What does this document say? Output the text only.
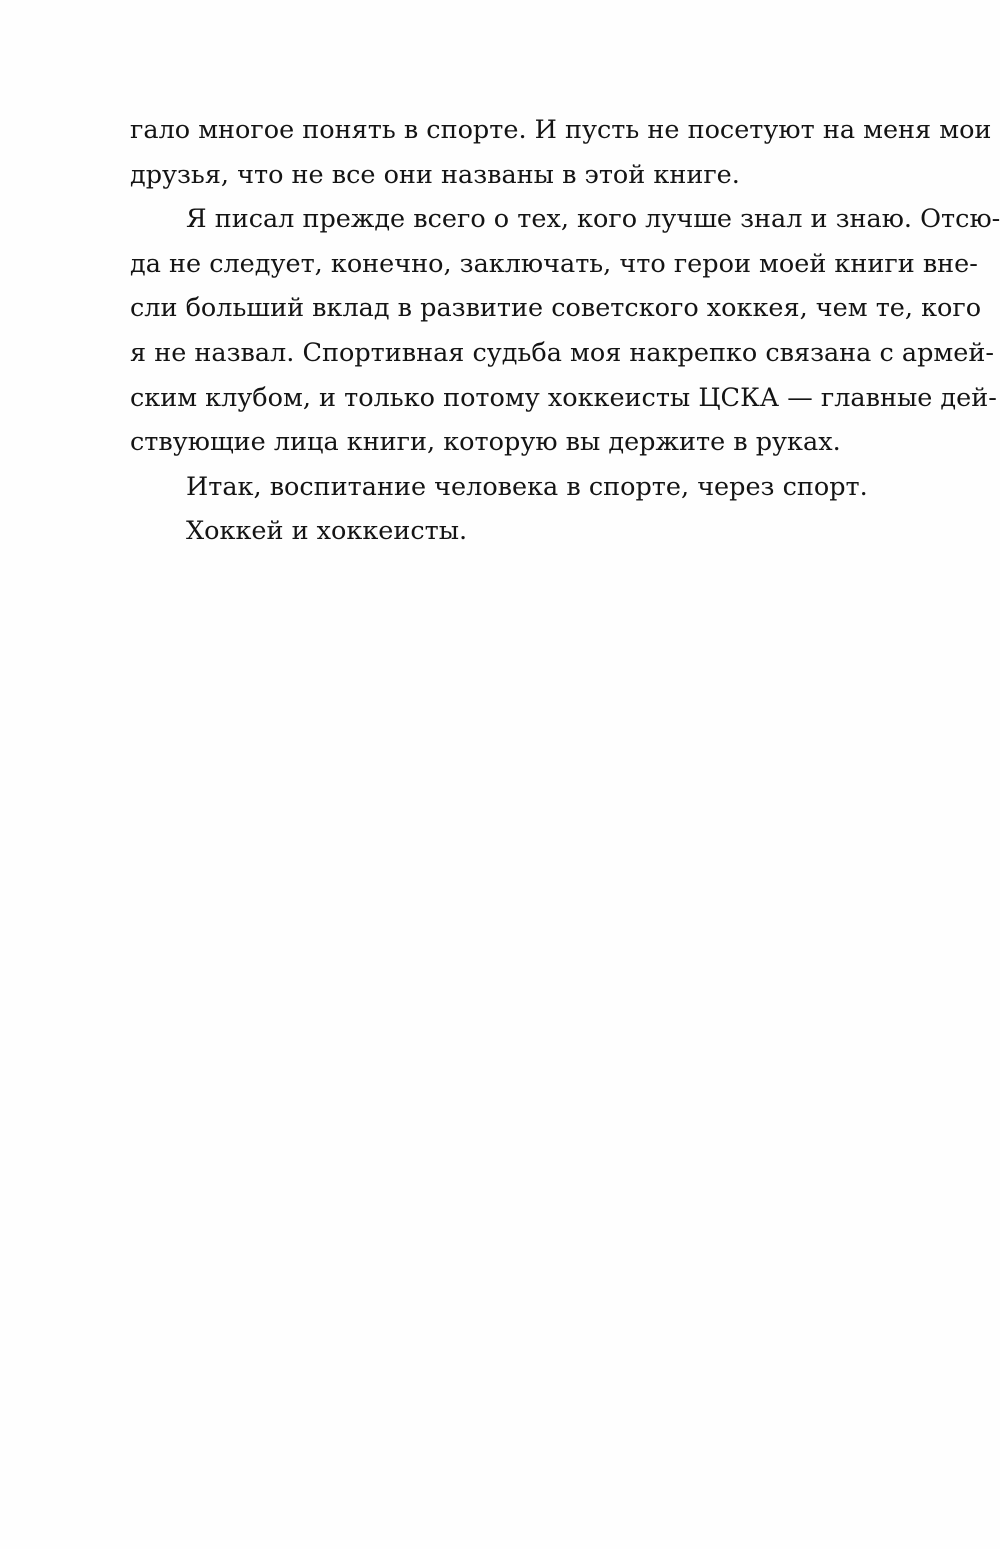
гало многое понять в спорте. И пусть не посетуют на меня мои
друзья, что не все они названы в этой книге.
Я писал прежде всего о тех, кого лучше знал и знаю. Отсю-
да не следует, конечно, заключать, что герои моей книги вне-
сли больший вклад в развитие советского хоккея, чем те, кого
я не назвал. Спортивная судьба моя накрепко связана с армей-
ским клубом, и только потому хоккеисты ЦСКА — главные дей-
ствующие лица книги, которую вы держите в руках.
Итак, воспитание человека в спорте, через спорт.
Хоккей и хоккеисты.
